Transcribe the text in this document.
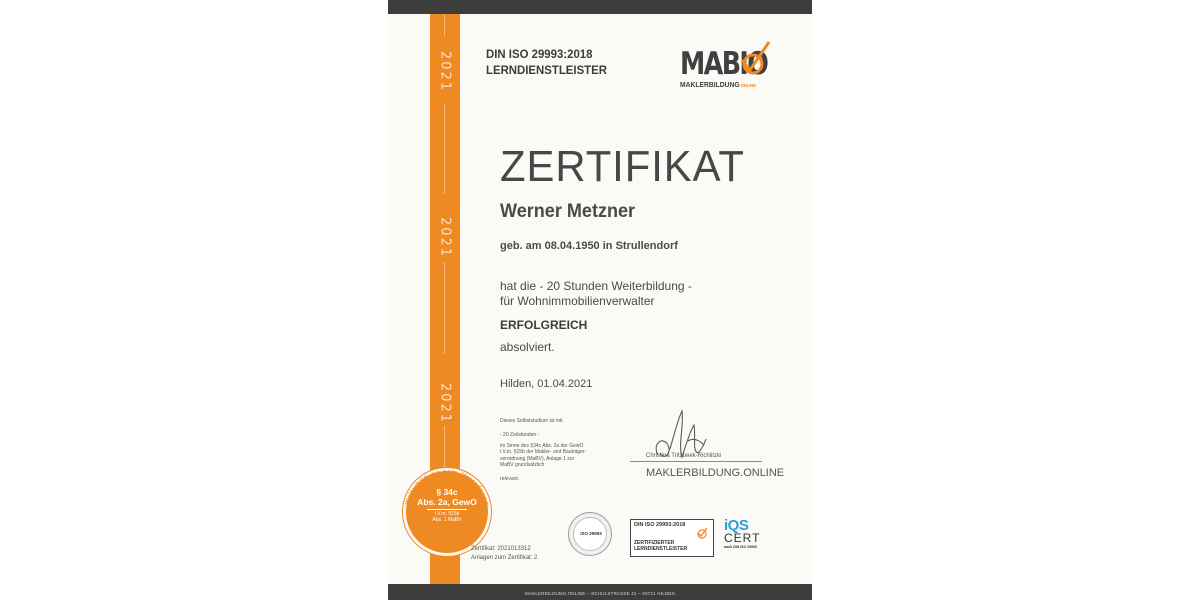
2021
2021
2021
DIN ISO 29993:2018
LERNDIENSTLEISTER MABIO
MAKLERBILDUNG.ONLINE
ZERTIFIKAT
Werner Metzner
geb. am 08.04.1950 in Strullendorf
hat die - 20 Stunden Weiterbildung -
für Wohnimmobilienverwalter
ERFOLGREICH
absolviert.
Hilden, 01.04.2021
Dieses Selbststudium ist mit
- 20 Zeitstunden -
im Sinne des §34c Abs. 2a der GewO
i.V.m. §15b der Makler- und Bauträger-
verordnung (MaBV), Anlage 1 zur
MaBV grundsätzlich
relevant.
Christina Tritzbeek-Richlitzki
MAKLERBILDUNG.ONLINE
Weiterbildung gem. Verordnung
§ 34c
Abs. 2a, GewO
i.V.m. §15b
Abs. 1 MaBV
Zertifikat: 2021013312
Anlagen zum Zertifikat: 2
ISO 29993
DIN ISO 29993:2018
ZERTIFIZIERTER
LERNDIENSTLEISTER
iQS
CERT
nach DIN ISO 29993
MAKLERBILDUNG.ONLINE – SCHULSTRASSE 41 – 40721 HILDEN
